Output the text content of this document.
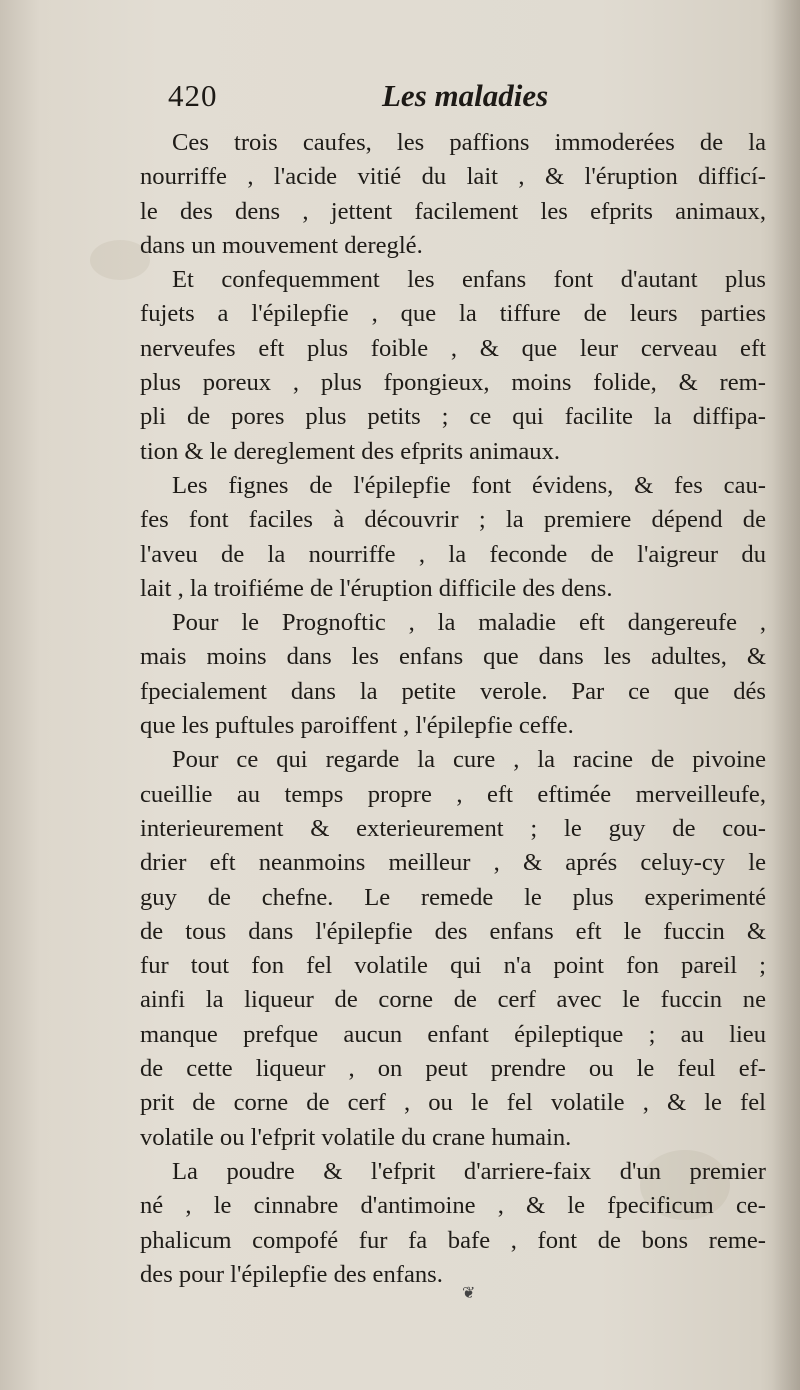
420	Les maladies
Ces trois caufes, les paffions immoderées de la
nourriffe , l'acide vitié du lait , & l'éruption difficí-
le des dens , jettent facilement les efprits animaux,
dans un mouvement dereglé.
Et confequemment les enfans font d'autant plus
fujets a l'épilepfie , que la tiffure de leurs parties
nerveufes eft plus foible , & que leur cerveau eft
plus poreux , plus fpongieux, moins folide, & rem-
pli de pores plus petits ; ce qui facilite la diffipa-
tion & le dereglement des efprits animaux.
Les fignes de l'épilepfie font évidens, & fes cau-
fes font faciles à découvrir ; la premiere dépend de
l'aveu de la nourriffe , la feconde de l'aigreur du
lait , la troifiéme de l'éruption difficile des dens.
Pour le Prognoftic , la maladie eft dangereufe ,
mais moins dans les enfans que dans les adultes, &
fpecialement dans la petite verole. Par ce que dés
que les puftules paroiffent , l'épilepfie ceffe.
Pour ce qui regarde la cure , la racine de pivoine
cueillie au temps propre , eft eftimée merveilleufe,
interieurement & exterieurement ; le guy de cou-
drier eft neanmoins meilleur , & aprés celuy-cy le
guy de chefne. Le remede le plus experimenté
de tous dans l'épilepfie des enfans eft le fuccin &
fur tout fon fel volatile qui n'a point fon pareil ;
ainfi la liqueur de corne de cerf avec le fuccin ne
manque prefque aucun enfant épileptique ; au lieu
de cette liqueur , on peut prendre ou le feul ef-
prit de corne de cerf , ou le fel volatile , & le fel
volatile ou l'efprit volatile du crane humain.
La poudre & l'efprit d'arriere-faix d'un premier
né , le cinnabre d'antimoine , & le fpecificum ce-
phalicum compofé fur fa bafe , font de bons reme-
des pour l'épilepfie des enfans.
❦
